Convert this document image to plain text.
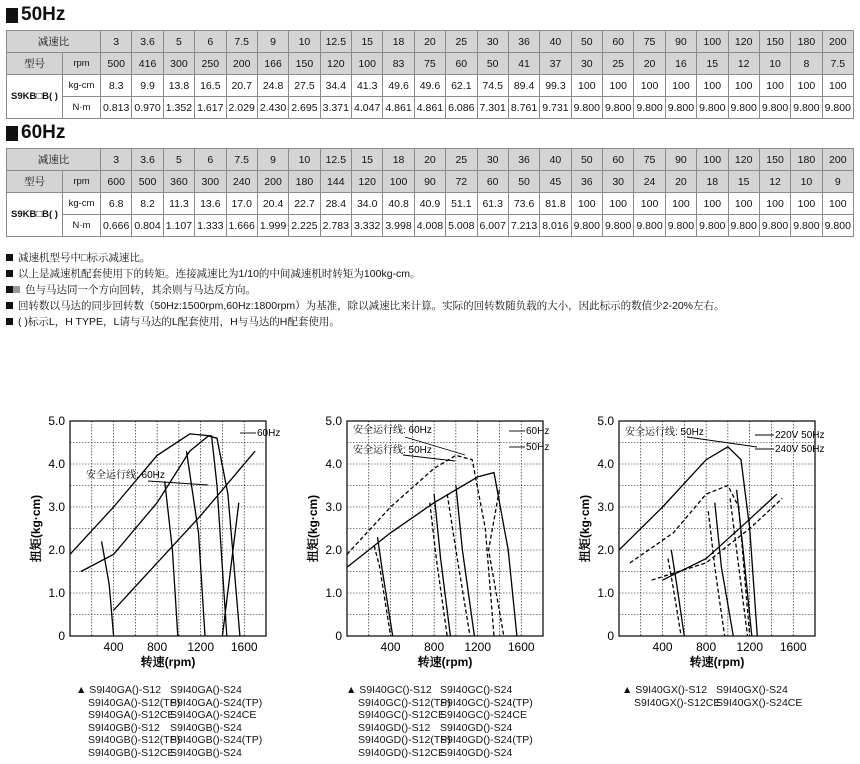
50Hz
减速比		3	3.6	5	6	7.5	9	10	12.5	15	18	20	25	30	36	40	50	60	75	90	100	120	150	180	200
型号	rpm	500	416	300	250	200	166	150	120	100	83	75	60	50	41	37	30	25	20	16	15	12	10	8	7.5
S9KB□B( )	kg-cm	8.3	9.9	13.8	16.5	20.7	24.8	27.5	34.4	41.3	49.6	49.6	62.1	74.5	89.4	99.3	100	100	100	100	100	100	100	100	100
	N·m	0.813	0.970	1.352	1.617	2.029	2.430	2.695	3.371	4.047	4.861	4.861	6.086	7.301	8.761	9.731	9.800	9.800	9.800	9.800	9.800	9.800	9.800	9.800	9.800
60Hz
减速比		3	3.6	5	6	7.5	9	10	12.5	15	18	20	25	30	36	40	50	60	75	90	100	120	150	180	200
型号	rpm	600	500	360	300	240	200	180	144	120	100	90	72	60	50	45	36	30	24	20	18	15	12	10	9
S9KB□B( )	kg-cm	6.8	8.2	11.3	13.6	17.0	20.4	22.7	28.4	34.0	40.8	40.9	51.1	61.3	73.6	81.8	100	100	100	100	100	100	100	100	100
	N·m	0.666	0.804	1.107	1.333	1.666	1.999	2.225	2.783	3.332	3.998	4.008	5.008	6.007	7.213	8.016	9.800	9.800	9.800	9.800	9.800	9.800	9.800	9.800	9.800
减速机型号中□标示减速比。
以上是减速机配套使用下的转矩。连接减速比为1/10的中间减速机时转矩为100kg-cm。
色与马达同一个方向回转，其余则与马达反方向。
回转数以马达的同步回转数（50Hz:1500rpm,60Hz:1800rpm）为基准，除以减速比来计算。实际的回转数随负载的大小，因此标示的数值少2-20%左右。
( )标示L，H TYPE，L请与马达的L配套使用，H与马达的H配套使用。
0
1.0
2.0
3.0
4.0
5.0
400 800 1200 1600
转速(rpm)
扭矩(kg·cm)
60Hz
安全运行线: 60Hz
0
1.0
2.0
3.0
4.0
5.0
400 800 1200 1600
转速(rpm)
扭矩(kg·cm)
60Hz
50Hz
安全运行线: 60Hz
安全运行线: 50Hz
0
1.0
2.0
3.0
4.0
5.0
400 800 1200 1600
转速(rpm)
扭矩(kg·cm)
安全运行线: 50Hz	220V 50Hz
240V 50Hz
▲ S9I40GA()-S12 S9I40GA()-S24
S9I40GA()-S12(TP)S9I40GA()-S24(TP)
S9I40GA()-S12CES9I40GA()-S24CE
S9I40GB()-S12 S9I40GB()-S24
S9I40GB()-S12(TP)S9I40GB()-S24(TP)
S9I40GB()-S12CES9I40GB()-S24
▲ S9I40GC()-S12 S9I40GC()-S24
S9I40GC()-S12(TP)S9I40GC()-S24(TP)
S9I40GC()-S12CES9I40GC()-S24CE
S9I40GD()-S12 S9I40GD()-S24
S9I40GD()-S12(TP)S9I40GD()-S24(TP)
S9I40GD()-S12CES9I40GD()-S24
▲ S9I40GX()-S12 S9I40GX()-S24
S9I40GX()-S12CES9I40GX()-S24CE
